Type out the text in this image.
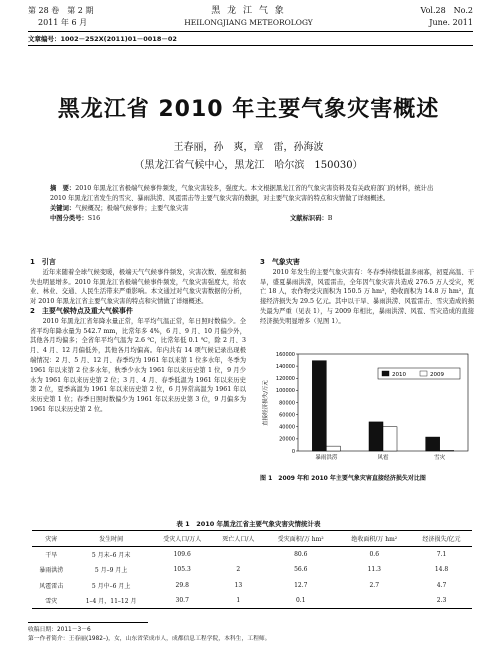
第 28 卷　第 2 期
2011 年 6 月
黑 龙 江 气 象
HEILONGJIANG METEOROLOGY
Vol.28　No.2
June. 2011
文章编号：1002－252X(2011)01－0018－02
黑龙江省 2010 年主要气象灾害概述
王春丽，孙　爽，章　雷，孙海波
（黑龙江省气候中心，黑龙江　哈尔滨　150030）
摘　要：2010 年黑龙江省极端气候事件频发，气象灾害较多，强度大。本文根据黑龙江省的气象灾害资料及有关政府部门的材料，统计出 2010 年黑龙江省发生的雪灾、暴雨洪涝、风雹雷击等主要气象灾害的数据，对主要气象灾害的特点和灾情做了详细概述。
关键词：气候概况；极端气候事件；主要气象灾害
中图分类号：S16	文献标识码：B
1　引言
近年来随着全球气候变暖，极端天气气候事件频发，灾害次数、强度和损失也明显增多。2010 年黑龙江省极端气候事件频发，气象灾害强度大，给农业、林业、交通、人民生活带来严重影响。本文通过对气象灾害数据的分析，对 2010 年黑龙江省主要气象灾害的特点和灾情做了详细概述。
2　主要气候特点及重大气候事件
2010 年黑龙江省年降水量正常，年平均气温正常，年日照时数偏少。全省平均年降水量为 542.7 mm，比常年多 4%，6 月、9 月、10 月偏少外，其他各月均偏多；全省年平均气温为 2.6 ℃，比常年低 0.1 ℃，除 2 月、3 月、4 月、12 月偏低外，其他各月均偏高。年内共有 14 项气候记录出现极端情况：2 月、5 月、12 月、春季均为 1961 年以来第 1 位多水年，冬季为 1961 年以来第 2 位多水年，秋季少水为 1961 年以来历史第 1 位，9 月少水为 1961 年以来历史第 2 位；3 月、4 月、春季低温为 1961 年以来历史第 2 位，夏季高温为 1961 年以来历史第 2 位，6 月异常高温为 1961 年以来历史第 1 位；春季日照时数偏少为 1961 年以来历史第 3 位，9 月偏多为 1961 年以来历史第 2 位。
3　气象灾害
2010 年发生的主要气象灾害有：冬春季持续低温多雨寡，初夏高温、干旱，盛夏暴雨洪涝，风雹雷击，全年因气象灾害共造成 276.5 万人受灾，死亡 18 人，农作物受灾面积为 150.5 万 hm²，绝收面积为 14.8 万 hm²，直接经济损失为 29.5 亿元。其中以干旱、暴雨洪涝、风雹雷击、雪灾造成的损失最为严重（见表 1），与 2009 年相比，暴雨洪涝、风雹、雪灾造成的直接经济损失明显增多（见图 1）。
0
20000
40000
60000
80000
100000
120000
140000
160000
暴雨洪涝	风雹	雪灾
直接经济损失/万元
2010	2009
图 1　2009 年和 2010 年主要气象灾害直接经济损失对比图
表 1　2010 年黑龙江省主要气象灾害灾情统计表
灾害	发生时间	受灾人口/万人	死亡人口/人	受灾面积/万 hm²	绝收面积/万 hm²	经济损失/亿元
干旱	5 月末–6 月末	109.6		80.6	0.6	7.1
暴雨洪涝	5 月–9 月上	105.3	2	56.6	11.3	14.8
风雹雷击	5 月中–6 月上	29.8	13	12.7	2.7	4.7
雪灾	1–4 月，11–12 月	30.7	1	0.1		2.3
收稿日期：2011－3－6
第一作者简介：王春丽(1982–)，女，山东省荣成市人，成都信息工程学院，本科生，工程师。
